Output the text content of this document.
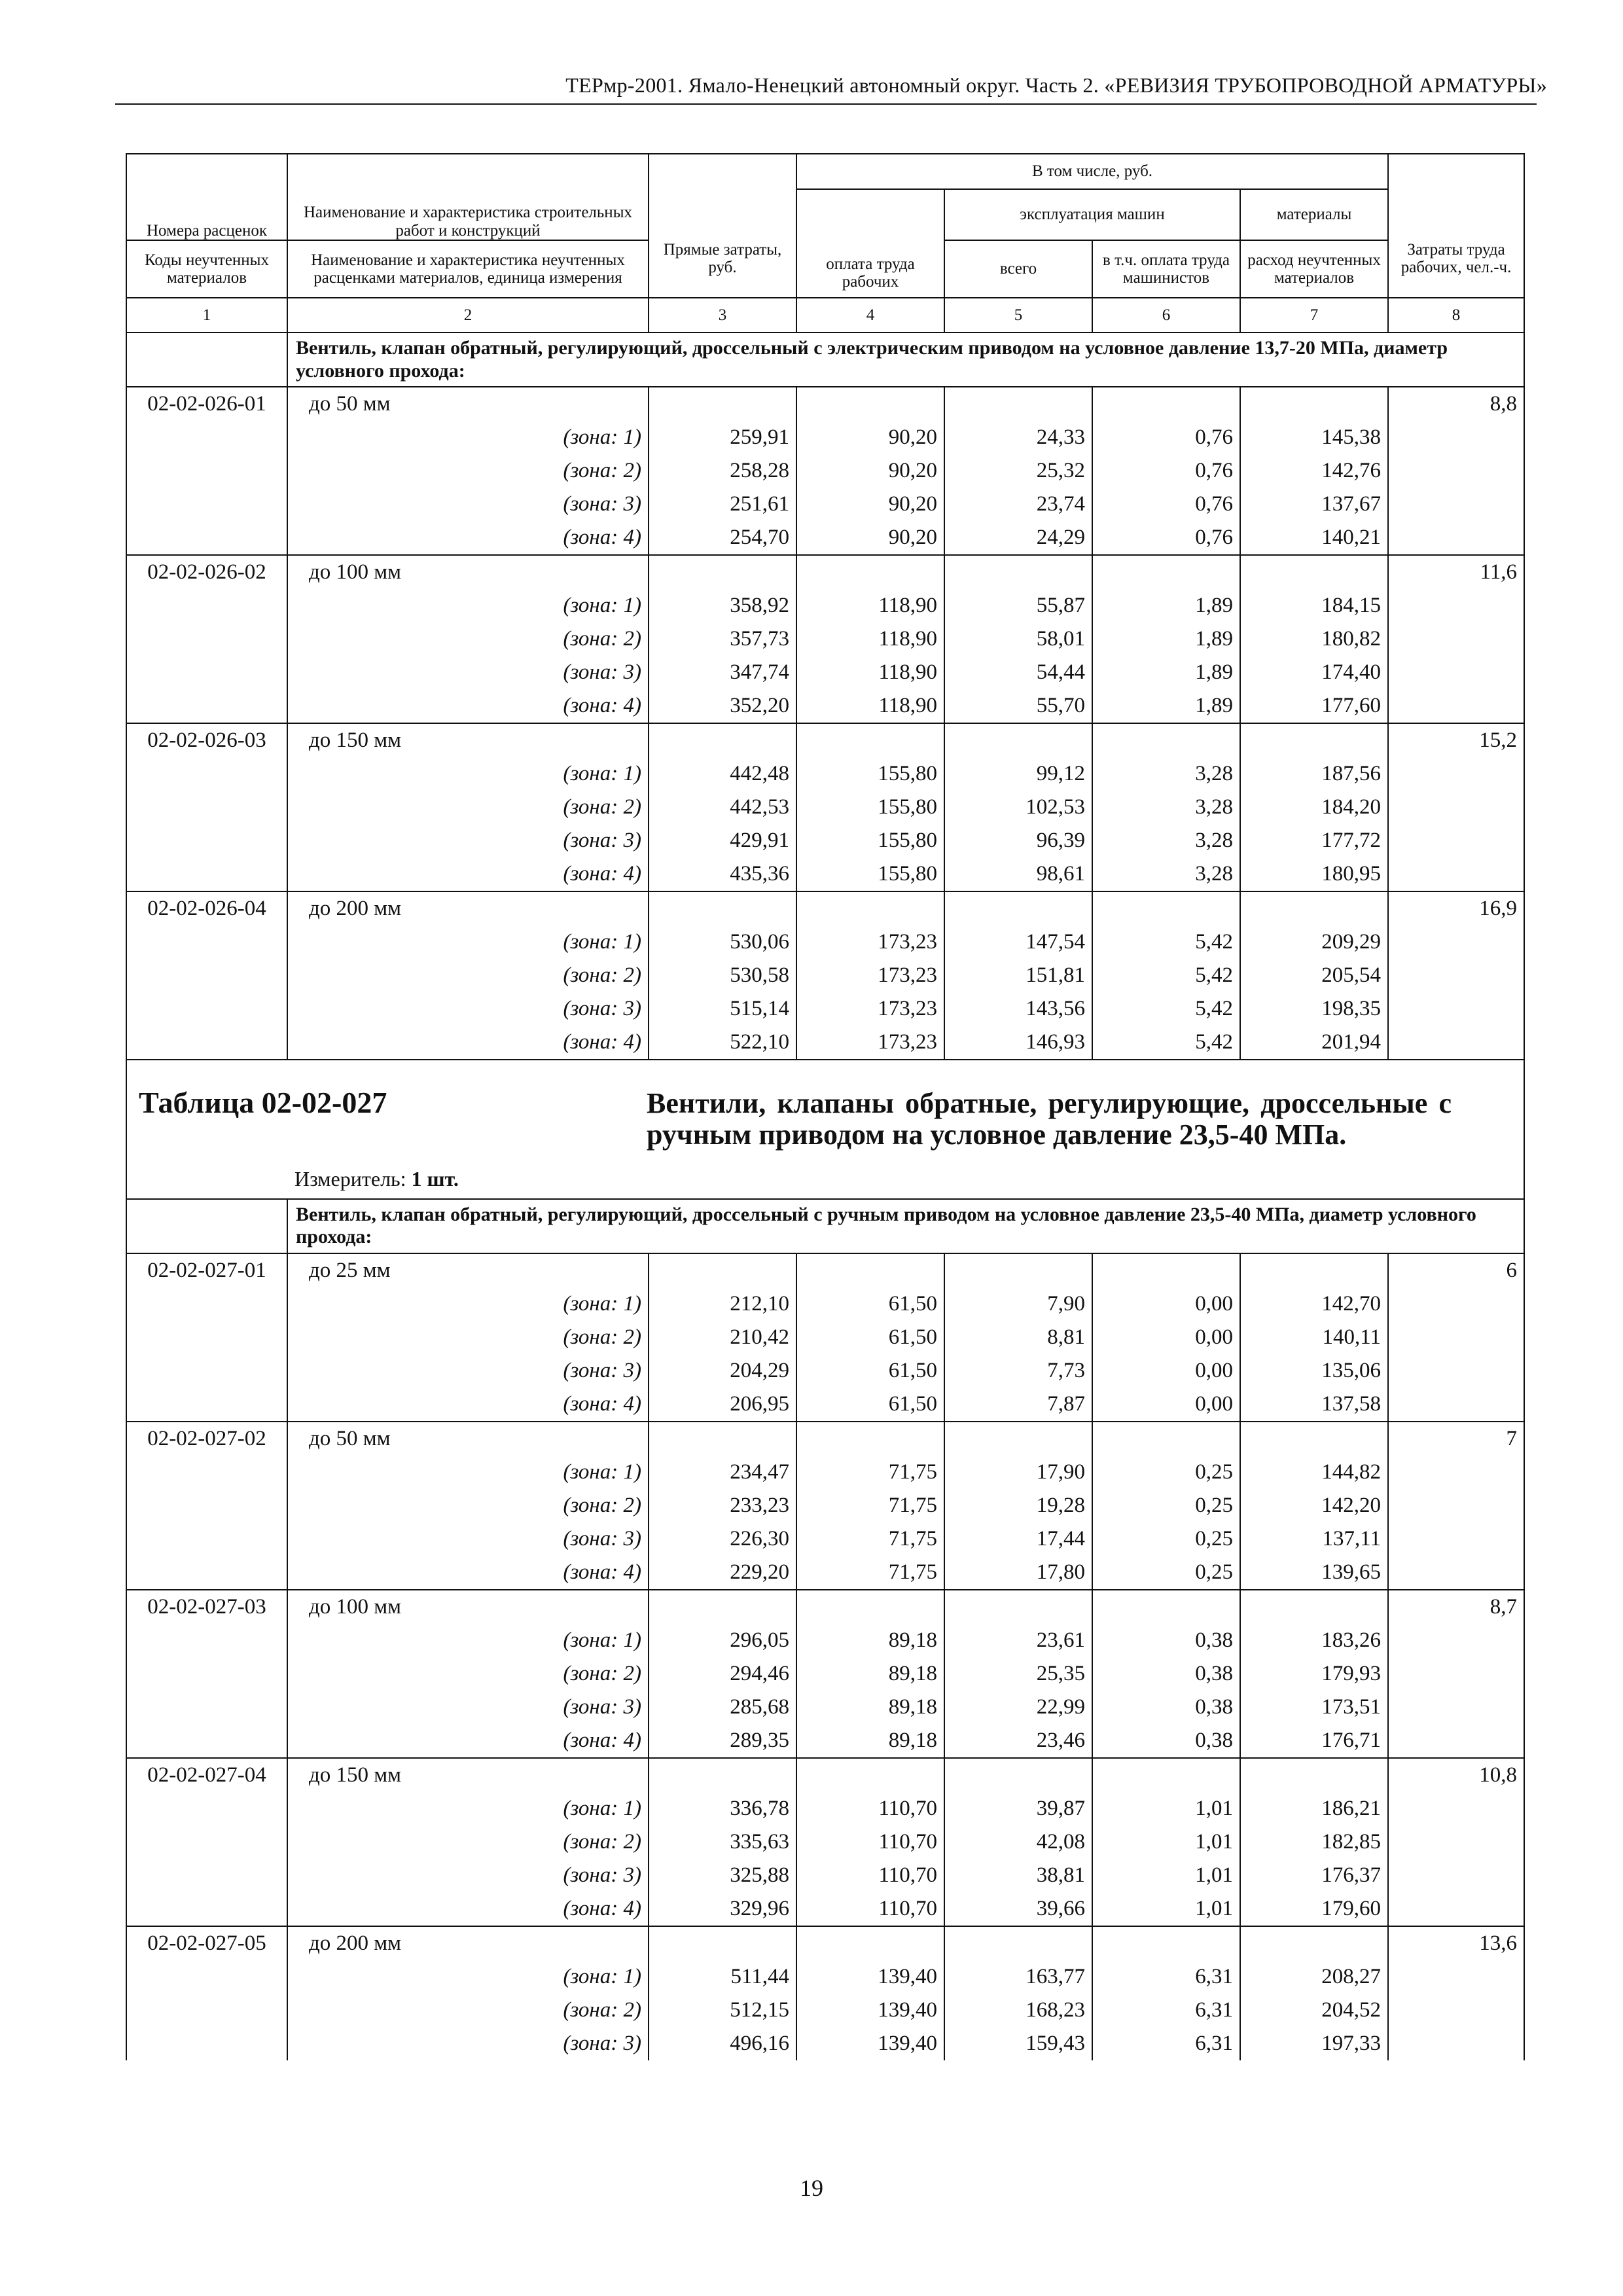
ТЕРмр-2001. Ямало-Ненецкий автономный округ. Часть 2. «РЕВИЗИЯ ТРУБОПРОВОДНОЙ АРМАТУРЫ»
Номера расценок	Наименование и характеристика строительных работ и конструкций	Прямые затраты, руб.	В том числе, руб.				Затраты труда рабочих, чел.-ч.
			оплата труда рабочих	эксплуатация машин		материалы	
Коды неучтенных материалов	Наименование и характеристика неучтенных расценками материалов, единица измерения			всего	в т.ч. оплата труда машинистов	расход неучтенных материалов	
1	2	3	4	5	6	7	8
	Вентиль, клапан обратный, регулирующий, дроссельный с электрическим приводом на условное давление 13,7-20 МПа, диаметр условного прохода:						
02-02-026-01	до 50 мм						8,8
	(зона: 1)	259,91	90,20	24,33	0,76	145,38	
	(зона: 2)	258,28	90,20	25,32	0,76	142,76	
	(зона: 3)	251,61	90,20	23,74	0,76	137,67	
	(зона: 4)	254,70	90,20	24,29	0,76	140,21	
02-02-026-02	до 100 мм						11,6
	(зона: 1)	358,92	118,90	55,87	1,89	184,15	
	(зона: 2)	357,73	118,90	58,01	1,89	180,82	
	(зона: 3)	347,74	118,90	54,44	1,89	174,40	
	(зона: 4)	352,20	118,90	55,70	1,89	177,60	
02-02-026-03	до 150 мм						15,2
	(зона: 1)	442,48	155,80	99,12	3,28	187,56	
	(зона: 2)	442,53	155,80	102,53	3,28	184,20	
	(зона: 3)	429,91	155,80	96,39	3,28	177,72	
	(зона: 4)	435,36	155,80	98,61	3,28	180,95	
02-02-026-04	до 200 мм						16,9
	(зона: 1)	530,06	173,23	147,54	5,42	209,29	
	(зона: 2)	530,58	173,23	151,81	5,42	205,54	
	(зона: 3)	515,14	173,23	143,56	5,42	198,35	
	(зона: 4)	522,10	173,23	146,93	5,42	201,94	

Таблица 02-02-027 Вентили, клапаны обратные, регулирующие, дроссельные с ручным приводом на условное давление 23,5-40 МПа.
Измеритель: 1 шт.							

	Вентиль, клапан обратный, регулирующий, дроссельный с ручным приводом на условное давление 23,5-40 МПа, диаметр условного прохода:						
02-02-027-01	до 25 мм						6
	(зона: 1)	212,10	61,50	7,90	0,00	142,70	
	(зона: 2)	210,42	61,50	8,81	0,00	140,11	
	(зона: 3)	204,29	61,50	7,73	0,00	135,06	
	(зона: 4)	206,95	61,50	7,87	0,00	137,58	
02-02-027-02	до 50 мм						7
	(зона: 1)	234,47	71,75	17,90	0,25	144,82	
	(зона: 2)	233,23	71,75	19,28	0,25	142,20	
	(зона: 3)	226,30	71,75	17,44	0,25	137,11	
	(зона: 4)	229,20	71,75	17,80	0,25	139,65	
02-02-027-03	до 100 мм						8,7
	(зона: 1)	296,05	89,18	23,61	0,38	183,26	
	(зона: 2)	294,46	89,18	25,35	0,38	179,93	
	(зона: 3)	285,68	89,18	22,99	0,38	173,51	
	(зона: 4)	289,35	89,18	23,46	0,38	176,71	
02-02-027-04	до 150 мм						10,8
	(зона: 1)	336,78	110,70	39,87	1,01	186,21	
	(зона: 2)	335,63	110,70	42,08	1,01	182,85	
	(зона: 3)	325,88	110,70	38,81	1,01	176,37	
	(зона: 4)	329,96	110,70	39,66	1,01	179,60	
02-02-027-05	до 200 мм						13,6
	(зона: 1)	511,44	139,40	163,77	6,31	208,27	
	(зона: 2)	512,15	139,40	168,23	6,31	204,52	
	(зона: 3)	496,16	139,40	159,43	6,31	197,33	
19
